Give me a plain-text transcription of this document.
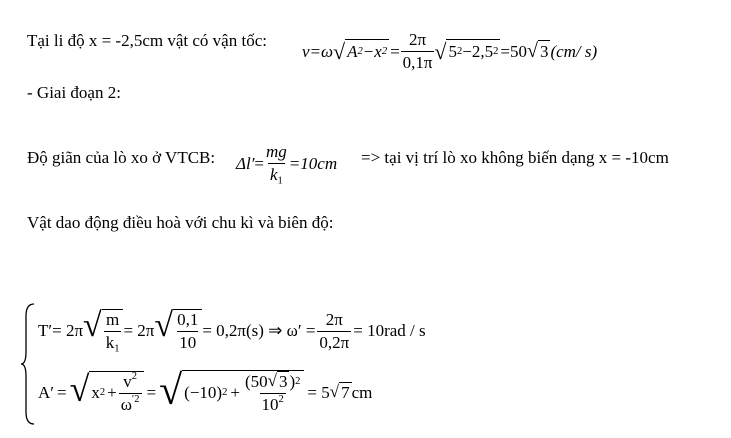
Tại li độ x = -2,5cm vật có vận tốc:
v = ω √ A 2 − x $2 = \frac{2\pi}{0,1\pi}$ √ 5 2 − 2,5 2 =50 √ 3 (cm/ s)
- Giai đoạn 2:
Độ giãn của lò xo ở VTCB: $\Delta l' = \frac{mg}{k_1} =10cm$ => tại vị trí lò xo không biến dạng x = -10cm
Vật dao động điều hoà với chu kì và biên độ:
T′ = 2π √ $\frac{m}{k_1} = 2\pi$ √ $\frac{0,1}{10} = 0,2\pi(s)$ ⇒ $\omega' = \frac{2\pi}{0,2\pi} = 10rad / s$
A′ = √ x $2 + \frac{v^2}{\omega^{'2}}$ = √ (−10) $2 + \frac{(50 √ 3 ) 2}{10^2} = 5$ √ 7 cm
